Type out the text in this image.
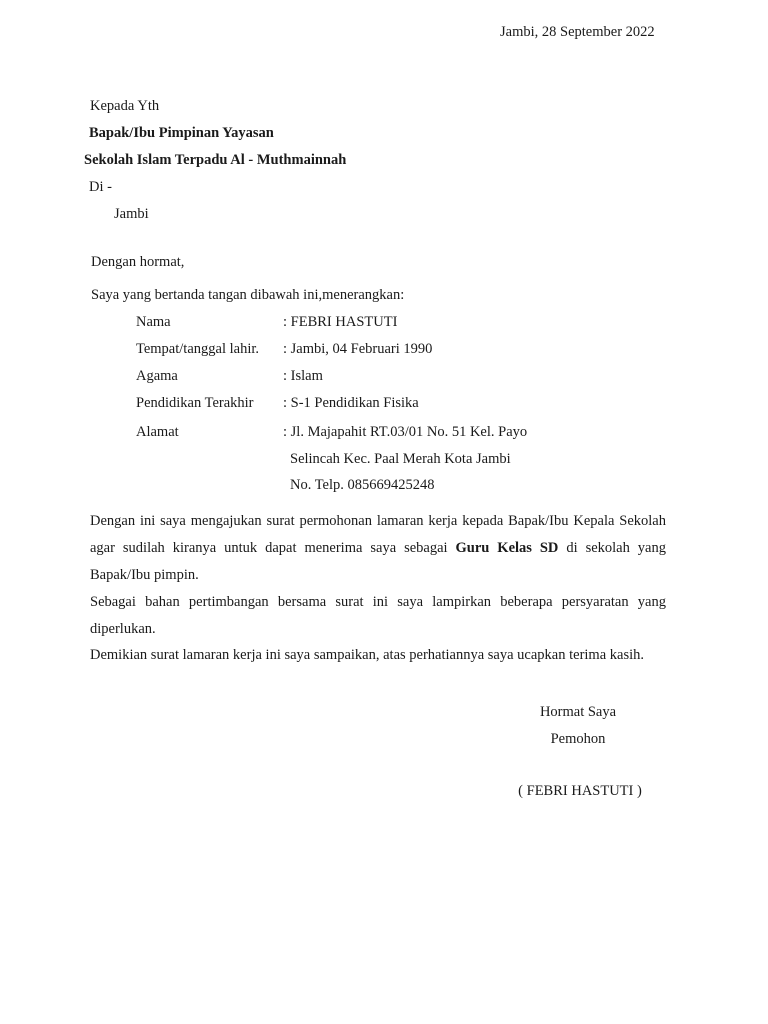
Jambi, 28 September 2022
Kepada Yth
Bapak/Ibu Pimpinan Yayasan
Sekolah Islam Terpadu Al - Muthmainnah
Di -
Jambi
Dengan hormat,
Saya yang bertanda tangan dibawah ini,menerangkan:
Nama	: FEBRI HASTUTI
Tempat/tanggal lahir. : Jambi, 04 Februari 1990
Agama	: Islam
Pendidikan Terakhir : S-1 Pendidikan Fisika
Alamat	: Jl. Majapahit RT.03/01 No. 51 Kel. Payo
Selincah Kec. Paal Merah Kota Jambi
No. Telp. 085669425248

Dengan ini saya mengajukan surat permohonan lamaran kerja kepada Bapak/Ibu Kepala Sekolah agar sudilah kiranya untuk dapat menerima saya sebagai Guru Kelas SD di sekolah yang Bapak/Ibu pimpin.

Sebagai bahan pertimbangan bersama surat ini saya lampirkan beberapa persyaratan yang diperlukan.

Demikian surat lamaran kerja ini saya sampaikan, atas perhatiannya saya ucapkan terima kasih.
Hormat Saya
Pemohon
( FEBRI HASTUTI )
